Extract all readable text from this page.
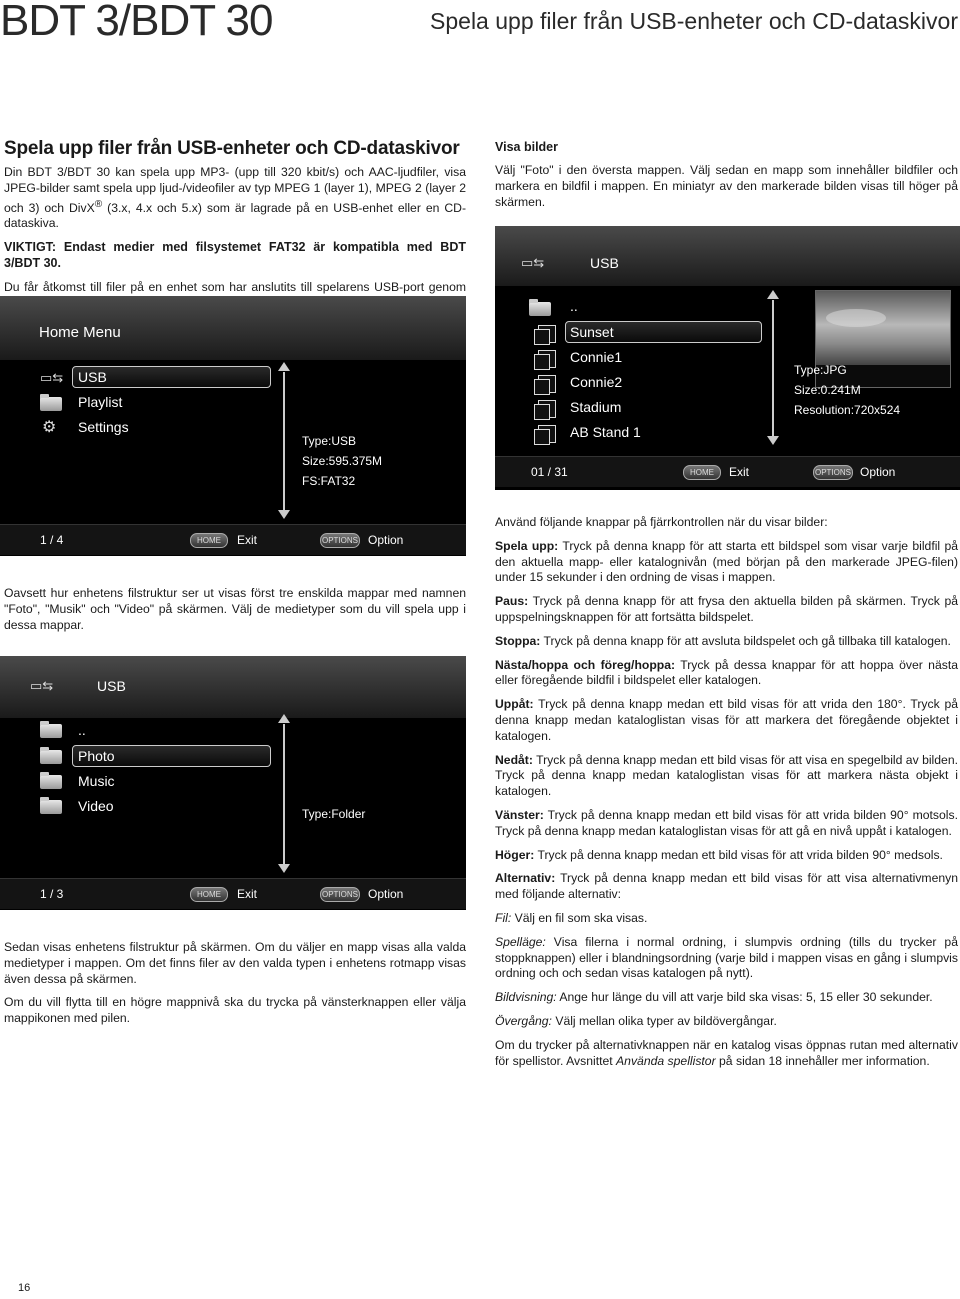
BDT 3/BDT 30	Spela upp filer från USB-enheter och CD-dataskivor
Spela upp filer från USB-enheter och CD-dataskivor

Din BDT 3/BDT 30 kan spela upp MP3- (upp till 320 kbit/s) och AAC-ljudfiler, visa JPEG-bilder samt spela upp ljud-/videofiler av typ MPEG 1 (layer 1), MPEG 2 (layer 2 och 3) och DivX® (3.x, 4.x och 5.x) som är lagrade på en USB-enhet eller en CD-dataskiva.

VIKTIGT: Endast medier med filsystemet FAT32 är kompatibla med BDT 3/BDT 30.

Du får åtkomst till filer på en enhet som har anslutits till spelarens USB-port genom

Home Menu
▭⇆ USB
Playlist
⚙ Settings
Type:USB
Size:595.375M
FS:FAT32
1 / 4	HOME	Exit	OPTIONS Option
Oavsett hur enhetens filstruktur ser ut visas först tre enskilda mappar med namnen "Foto", "Musik" och "Video" på skärmen. Välj de medietyper som du vill spela upp i dessa mappar.
▭⇆	USB
..
Photo
Music
Video	Type:Folder
1 / 3	HOME	Exit	OPTIONS Option

Sedan visas enhetens filstruktur på skärmen. Om du väljer en mapp visas alla valda medietyper i mappen. Om det finns filer av den valda typen i enhetens rotmapp visas även dessa på skärmen.

Om du vill flytta till en högre mappnivå ska du trycka på vänsterknappen eller välja mappikonen med pilen.

Visa bilder
Välj "Foto" i den översta mappen. Välj sedan en mapp som innehåller bildfiler och markera en bildfil i mappen. En miniatyr av den markerade bilden visas till höger på skärmen.
▭⇆	USB
..
Sunset
Connie1
Connie2
Stadium
AB Stand 1
Type:JPG
Size:0.241M
Resolution:720x524
01 / 31	HOME	Exit	OPTIONS Option

Använd följande knappar på fjärrkontrollen när du visar bilder:

Spela upp: Tryck på denna knapp för att starta ett bildspel som visar varje bildfil på den aktuella mapp- eller katalognivån (med början på den markerade JPEG-filen) under 15 sekunder i den ordning de visas i mappen.

Paus: Tryck på denna knapp för att frysa den aktuella bilden på skärmen. Tryck på uppspelningsknappen för att fortsätta bildspelet.

Stoppa: Tryck på denna knapp för att avsluta bildspelet och gå tillbaka till katalogen.

Nästa/hoppa och föreg/hoppa: Tryck på dessa knappar för att hoppa över nästa eller föregående bildfil i bildspelet eller katalogen.

Uppåt: Tryck på denna knapp medan ett bild visas för att vrida den 180°. Tryck på denna knapp medan kataloglistan visas för att markera det föregående objektet i katalogen.

Nedåt: Tryck på denna knapp medan ett bild visas för att visa en spegelbild av bilden. Tryck på denna knapp medan kataloglistan visas för att markera nästa objekt i katalogen.

Vänster: Tryck på denna knapp medan ett bild visas för att vrida bilden 90° motsols. Tryck på denna knapp medan kataloglistan visas för att gå en nivå uppåt i katalogen.

Höger: Tryck på denna knapp medan ett bild visas för att vrida bilden 90° medsols.

Alternativ: Tryck på denna knapp medan ett bild visas för att visa alternativmenyn med följande alternativ:

Fil: Välj en fil som ska visas.

Spelläge: Visa filerna i normal ordning, i slumpvis ordning (tills du trycker på stoppknappen) eller i blandningsordning (varje bild i mappen visas en gång i slumpvis ordning och och sedan visas katalogen på nytt).

Bildvisning: Ange hur länge du vill att varje bild ska visas: 5, 15 eller 30 sekunder.

Övergång: Välj mellan olika typer av bildövergångar.

Om du trycker på alternativknappen när en katalog visas öppnas rutan med alternativ för spellistor. Avsnittet Använda spellistor på sidan 18 innehåller mer information.

16
